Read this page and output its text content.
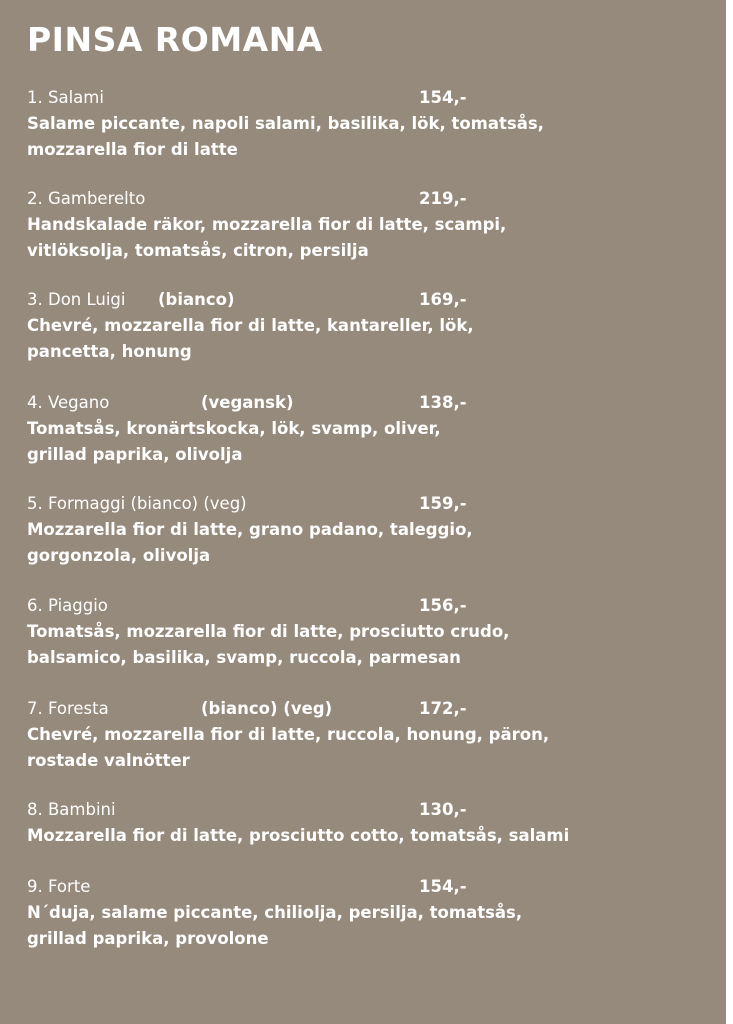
PINSA ROMANA
1. Salami	154,-
Salame piccante, napoli salami, basilika, lök, tomatsås,
mozzarella fior di latte
2. Gamberelto	219,-
Handskalade räkor, mozzarella fior di latte, scampi,
vitlöksolja, tomatsås, citron, persilja
3. Don Luigi (bianco)	169,-
Chevré, mozzarella fior di latte, kantareller, lök,
pancetta, honung
4. Vegano	(vegansk)	138,-
Tomatsås, kronärtskocka, lök, svamp, oliver,
grillad paprika, olivolja
5. Formaggi (bianco) (veg)	159,-
Mozzarella fior di latte, grano padano, taleggio,
gorgonzola, olivolja
6. Piaggio	156,-
Tomatsås, mozzarella fior di latte, prosciutto crudo,
balsamico, basilika, svamp, ruccola, parmesan
7. Foresta	(bianco) (veg)	172,-
Chevré, mozzarella fior di latte, ruccola, honung, päron,
rostade valnötter
8. Bambini	130,-
Mozzarella fior di latte, prosciutto cotto, tomatsås, salami
9. Forte	154,-
N´duja, salame piccante, chiliolja, persilja, tomatsås,
grillad paprika, provolone
